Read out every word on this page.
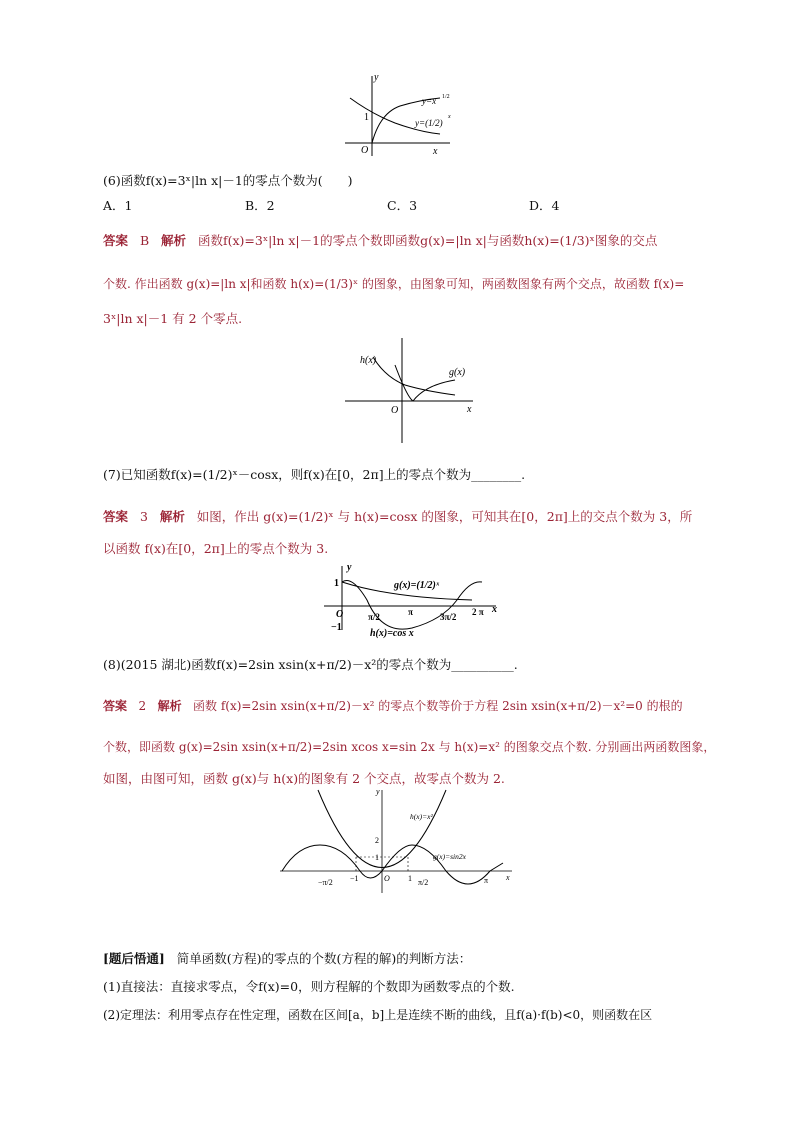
y
x
O
1
y=x 1/2
y=(1/2)
x
(6)函数f(x)=3ˣ|ln x|－1的零点个数为(　　)
A．1	B．2	C．3	D．4
答案 B 解析 函数f(x)=3ˣ|ln x|－1的零点个数即函数g(x)=|ln x|与函数h(x)=(1/3)ˣ图象的交点
个数. 作出函数 g(x)=|ln x|和函数 h(x)=(1/3)ˣ 的图象，由图象可知，两函数图象有两个交点，故函数 f(x)=
3ˣ|ln x|－1 有 2 个零点.
h(x)
g(x)
O	x
(7)已知函数f(x)=(1/2)ˣ－cosx，则f(x)在[0，2π]上的零点个数为________.
答案 3 解析 如图，作出 g(x)=(1/2)ˣ 与 h(x)=cosx 的图象，可知其在[0，2π]上的交点个数为 3，所
以函数 f(x)在[0，2π]上的零点个数为 3.
y
x
O
1
−1
g(x)=(1/2)ˣ
h(x)=cos x
π/2	π	3π/2 2 π
(8)(2015 湖北)函数f(x)=2sin xsin(x+π/2)－x²的零点个数为__________.
答案 2 解析 函数 f(x)=2sin xsin(x+π/2)－x² 的零点个数等价于方程 2sin xsin(x+π/2)－x²=0 的根的
个数，即函数 g(x)=2sin xsin(x+π/2)=2sin xcos x=sin 2x 与 h(x)=x² 的图象交点个数. 分别画出两函数图象，
如图，由图可知，函数 g(x)与 h(x)的图象有 2 个交点，故零点个数为 2.
y
x
O
h(x)=x²
g(x)=sin2x
2
1
−π/2 −1	1 π/2	π
[题后悟通] 简单函数(方程)的零点的个数(方程的解)的判断方法：
(1)直接法：直接求零点，令f(x)=0，则方程解的个数即为函数零点的个数.
(2)定理法：利用零点存在性定理，函数在区间[a，b]上是连续不断的曲线，且f(a)·f(b)<0，则函数在区
